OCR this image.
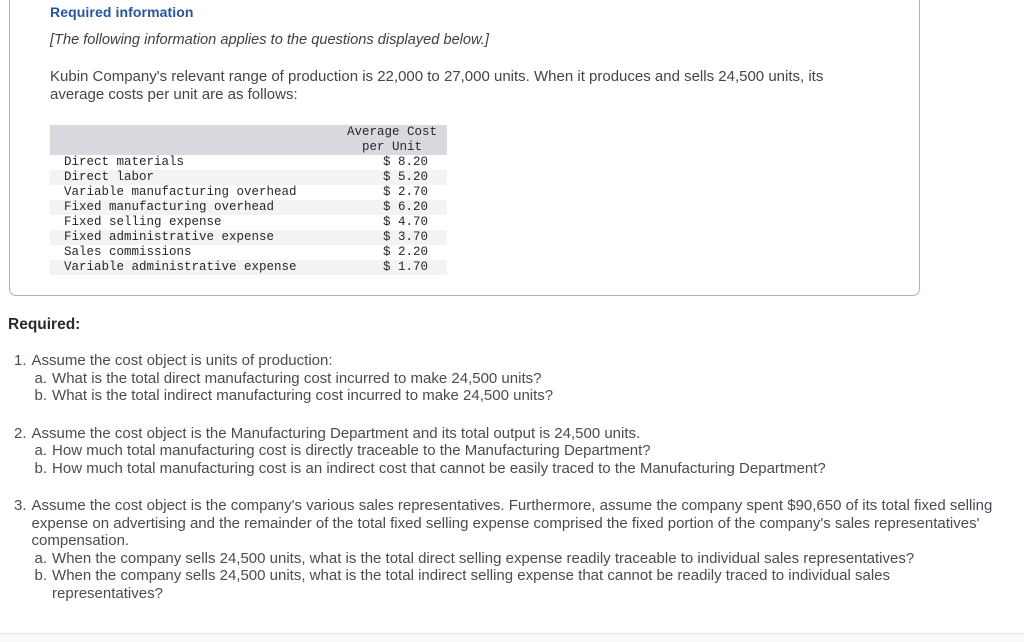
Required information

[The following information applies to the questions displayed below.]

Kubin Company's relevant range of production is 22,000 to 27,000 units. When it produces and sells 24,500 units, its average costs per unit are as follows:

Average Cost
per Unit
Direct materials	$ 8.20
Direct labor	$ 5.20
Variable manufacturing overhead	$ 2.70
Fixed manufacturing overhead	$ 6.20
Fixed selling expense	$ 4.70
Fixed administrative expense	$ 3.70
Sales commissions	$ 2.20
Variable administrative expense	$ 1.70
Required:
1. Assume the cost object is units of production:
a. What is the total direct manufacturing cost incurred to make 24,500 units?
b. What is the total indirect manufacturing cost incurred to make 24,500 units?
2. Assume the cost object is the Manufacturing Department and its total output is 24,500 units.
a. How much total manufacturing cost is directly traceable to the Manufacturing Department?
b. How much total manufacturing cost is an indirect cost that cannot be easily traced to the Manufacturing Department?
3. Assume the cost object is the company's various sales representatives. Furthermore, assume the company spent $90,650 of its total fixed selling expense on advertising and the remainder of the total fixed selling expense comprised the fixed portion of the company's sales representatives' compensation.
a. When the company sells 24,500 units, what is the total direct selling expense readily traceable to individual sales representatives?
b. When the company sells 24,500 units, what is the total indirect selling expense that cannot be readily traced to individual sales representatives?
